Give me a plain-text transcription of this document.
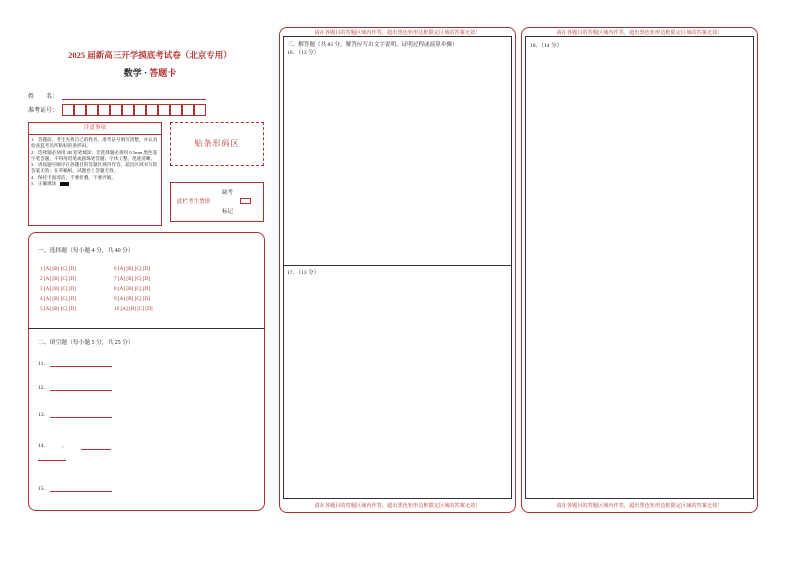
2025 届新高三开学摸底考试卷（北京专用）
数学 · 答题卡
姓　　名：
准考证号：
注意事项

1．答题前，考生先将自己的姓名，准考证号填写清楚，并认真检查监考员所粘贴的条形码。

2．选择题必须用 2B 铅笔填涂；非选择题必须用 0.5mm 黑色签字笔答题，不得用铅笔或圆珠笔答题；字体工整、笔迹清晰。

3．请按题号顺序在各题目的答题区域内作答，超出区域书写的答案无效；在草稿纸、试题卷上答题无效。

4．保持卡面清洁，不要折叠、不要弄破。

5．正确填涂

贴条形码区
此栏考生禁填
缺考
标记
一、选择题（每小题 4 分，共 40 分）
1 [A] [B] [C] [D]
2 [A] [B] [C] [D]
3 [A] [B] [C] [D]
4 [A] [B] [C] [D]
5 [A] [B] [C] [D]
6 [A] [B] [C] [D]
7 [A] [B] [C] [D]
8 [A] [B] [C] [D]
9 [A] [B] [C] [D]
10 [A] [B] [C] [D]
二、填空题（每小题 5 分，共 25 分）
11．
12．
13．
14． ，
15．
请在各题目的答题区域内作答，超出黑色矩形边框限定区域的答案无效！
三、解答题（共 85 分，解答应写出文字说明、证明过程或演算步骤）
16．（13 分）
17．（13 分）
请在各题目的答题区域内作答，超出黑色矩形边框限定区域的答案无效！
请在各题目的答题区域内作答，超出黑色矩形边框限定区域的答案无效！
18．（14 分）
请在各题目的答题区域内作答，超出黑色矩形边框限定区域的答案无效！
